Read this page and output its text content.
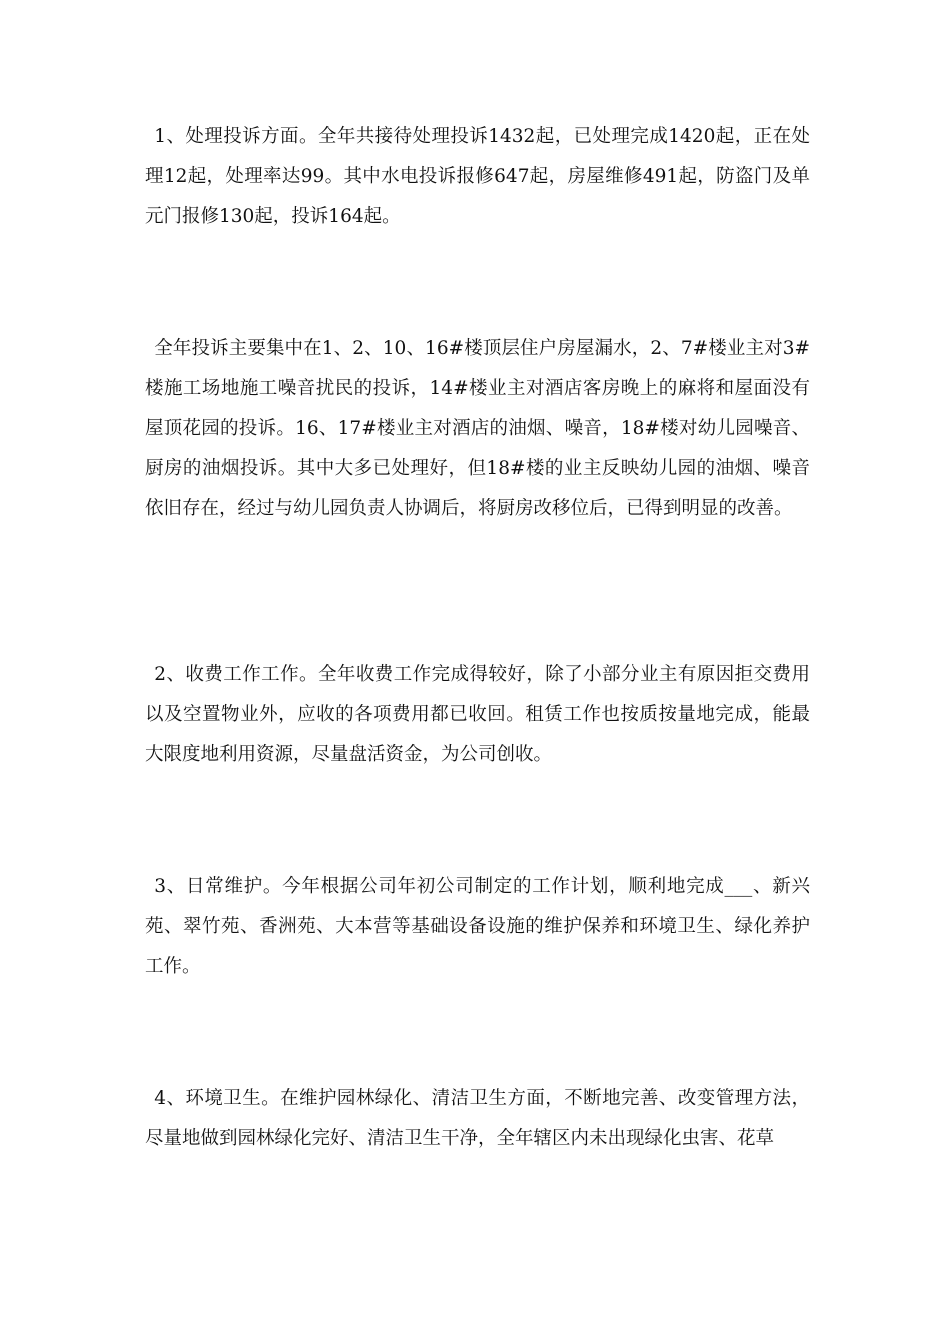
1、处理投诉方面。全年共接待处理投诉1432起，已处理完成1420起，正在处理12起，处理率达99。其中水电投诉报修647起，房屋维修491起，防盗门及单元门报修130起，投诉164起。

全年投诉主要集中在1、2、10、16#楼顶层住户房屋漏水，2、7#楼业主对3#楼施工场地施工噪音扰民的投诉，14#楼业主对酒店客房晚上的麻将和屋面没有屋顶花园的投诉。16、17#楼业主对酒店的油烟、噪音，18#楼对幼儿园噪音、厨房的油烟投诉。其中大多已处理好，但18#楼的业主反映幼儿园的油烟、噪音依旧存在，经过与幼儿园负责人协调后，将厨房改移位后，已得到明显的改善。

2、收费工作工作。全年收费工作完成得较好，除了小部分业主有原因拒交费用以及空置物业外，应收的各项费用都已收回。租赁工作也按质按量地完成，能最大限度地利用资源，尽量盘活资金，为公司创收。

3、日常维护。今年根据公司年初公司制定的工作计划，顺利地完成___、新兴苑、翠竹苑、香洲苑、大本营等基础设备设施的维护保养和环境卫生、绿化养护工作。

4、环境卫生。在维护园林绿化、清洁卫生方面，不断地完善、改变管理方法，尽量地做到园林绿化完好、清洁卫生干净，全年辖区内未出现绿化虫害、花草
